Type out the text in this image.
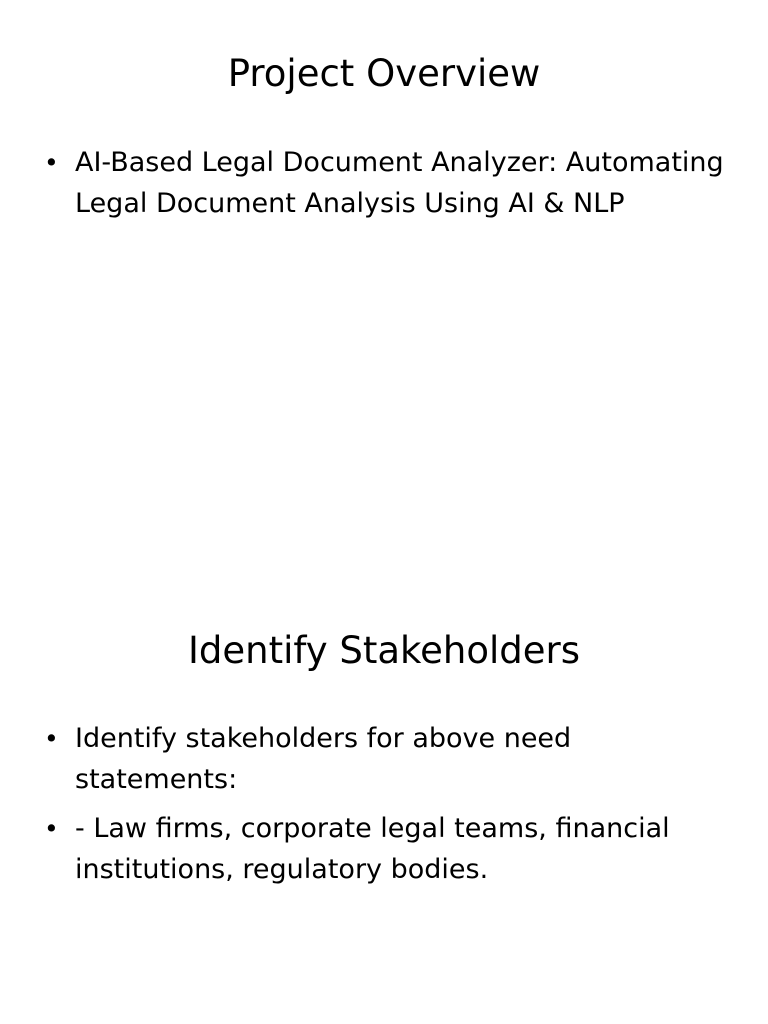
Project Overview
• AI-Based Legal Document Analyzer: Automating Legal Document Analysis Using AI & NLP
Identify Stakeholders
• Identify stakeholders for above need statements:
• - Law firms, corporate legal teams, financial institutions, regulatory bodies.
